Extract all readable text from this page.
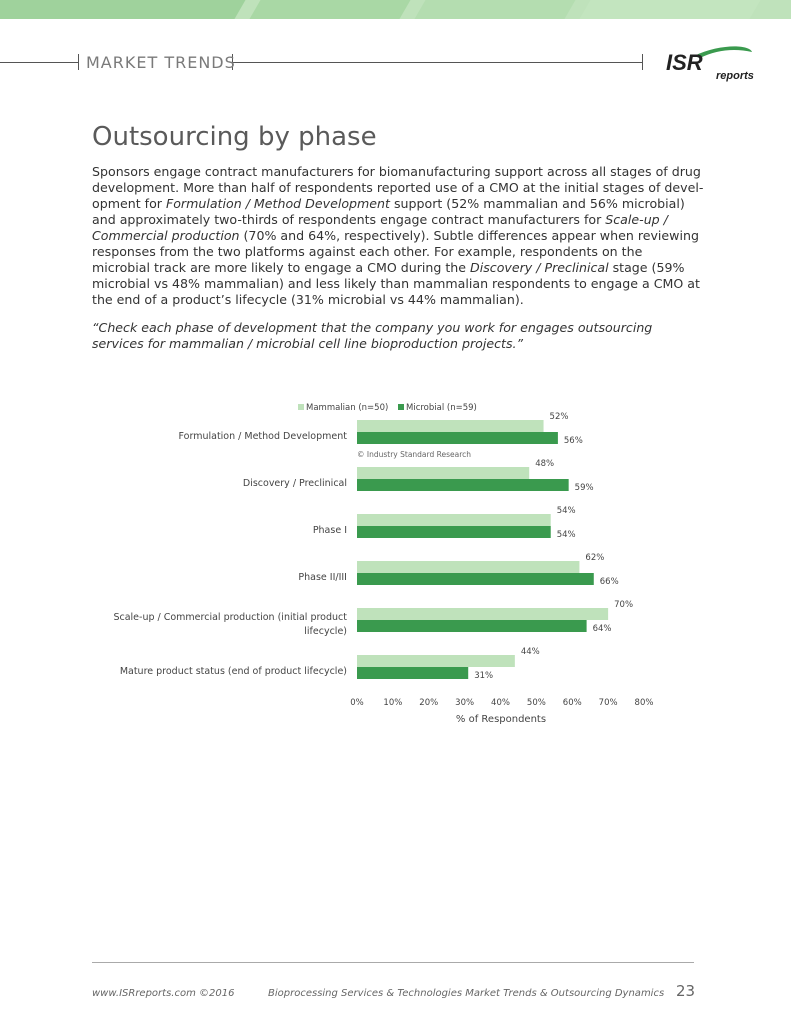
MARKET TRENDS	ISR
reports
Outsourcing by phase

Sponsors engage contract manufacturers for biomanufacturing support across all stages of drug development. More than half of respondents reported use of a CMO at the initial stages of devel-opment for Formulation / Method Development support (52% mammalian and 56% microbial) and approximately two-thirds of respondents engage contract manufacturers for Scale-up / Commercial production (70% and 64%, respectively). Subtle differences appear when reviewing responses from the two platforms against each other. For example, respondents on the microbial track are more likely to engage a CMO during the Discovery / Preclinical stage (59% microbial vs 48% mammalian) and less likely than mammalian respondents to engage a CMO at the end of a product’s lifecycle (31% microbial vs 44% mammalian).

“Check each phase of development that the company you work for engages outsourcing services for mammalian / microbial cell line bioproduction projects.”

Mammalian (n=50) Microbial (n=59)
Formulation / Method Development
52%
56%
Discovery / Preclinical
48%
59%
Phase I
54%
54%
Phase II/III
62%
66%
Scale-up / Commercial production (initial product
lifecycle)
70%
64%
Mature product status (end of product lifecycle)
44%
31%
© Industry Standard Research
0% 10% 20% 30% 40% 50% 60% 70% 80%
% of Respondents
www.ISRreports.com ©2016	Bioprocessing Services & Technologies Market Trends & Outsourcing Dynamics 23
